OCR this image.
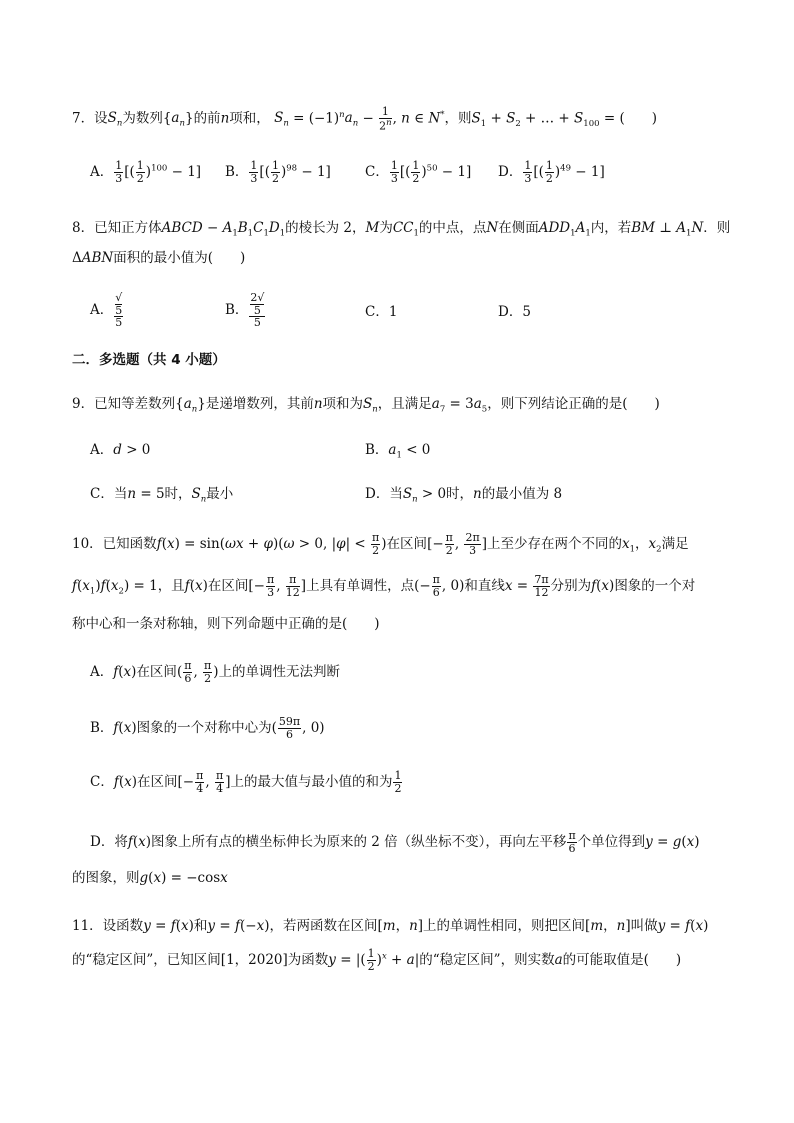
7．设$S_n$为数列$\{a_n\}$的前n项和， $S_n = (-1)^na_n - \frac{1}{2^n}$ , n ∈ N*，则$S_1 + S_2$ + … + $S_{100}$ = (　　)
A． $\frac{1}{3}$ [( $\frac{1}{2} )^{100} - 1$] B． $\frac{1}{3}$ [( $\frac{1}{2} )^{98} - 1$]	C． $\frac{1}{3}$ [( $\frac{1}{2} )^{50} - 1$] D． $\frac{1}{3}$ [( $\frac{1}{2} )^{49} - 1$]
8．已知正方体ABCD − $A_1B_1C_1D_1$的棱长为 2，M为$CC_1$的中点，点N在侧面$ADD_1A_1$内，若BM ⊥ $A_1N$．则
ΔABN面积的最小值为(　　)
A． √
5
5	B． 2√
5
5	C．1	D．5
二．多选题（共 4 小题）
9．已知等差数列$\{a_n\}$是递增数列，其前n项和为$S_n$，且满足$a_7 = 3a_5$，则下列结论正确的是(　　)
A．d > 0	B．$a_1 < 0$
C．当n = 5时，$S_n$最小	D．当$S_n > 0$时，n的最小值为 8
10．已知函数f(x) = sin(ωx + φ)(ω > 0, $|\varphi| < \frac{\pi}{2}$ )在区间[− $\frac{\pi}{2}$ , $\frac{2\pi}{3}$ ]上至少存在两个不同的$x_1$，$x_2$满足
$f(x_1)f(x_2) = 1$，且f(x)在区间[− $\frac{\pi}{3}$ , $\frac{\pi}{12}$ ]上具有单调性，点(− $\frac{\pi}{6}$ , 0)和直线$x = \frac{7\pi}{12}$ 分别为f(x)图象的一个对
称中心和一条对称轴，则下列命题中正确的是(　　)
A．f(x)在区间( $\frac{\pi}{6}$ , $\frac{\pi}{2}$ )上的单调性无法判断
B．f(x)图象的一个对称中心为( $\frac{59\pi}{6}$ , 0)
C．f(x)在区间[− $\frac{\pi}{4}$ , $\frac{\pi}{4}$ ]上的最大值与最小值的和为 $\frac{1}{2}$
D．将f(x)图象上所有点的横坐标伸长为原来的 2 倍（纵坐标不变），再向左平移 $\frac{\pi}{6}$ 个单位得到y = g(x)
的图象，则g(x) = −cosx
11．设函数y = f(x)和y = f(−x)，若两函数在区间[m，n]上的单调性相同，则把区间[m，n]叫做y = f(x)
的“稳定区间”，已知区间[1，2020]为函数y = |( $\frac{1}{2} )^x + a|$的“稳定区间”，则实数a的可能取值是(　　)
